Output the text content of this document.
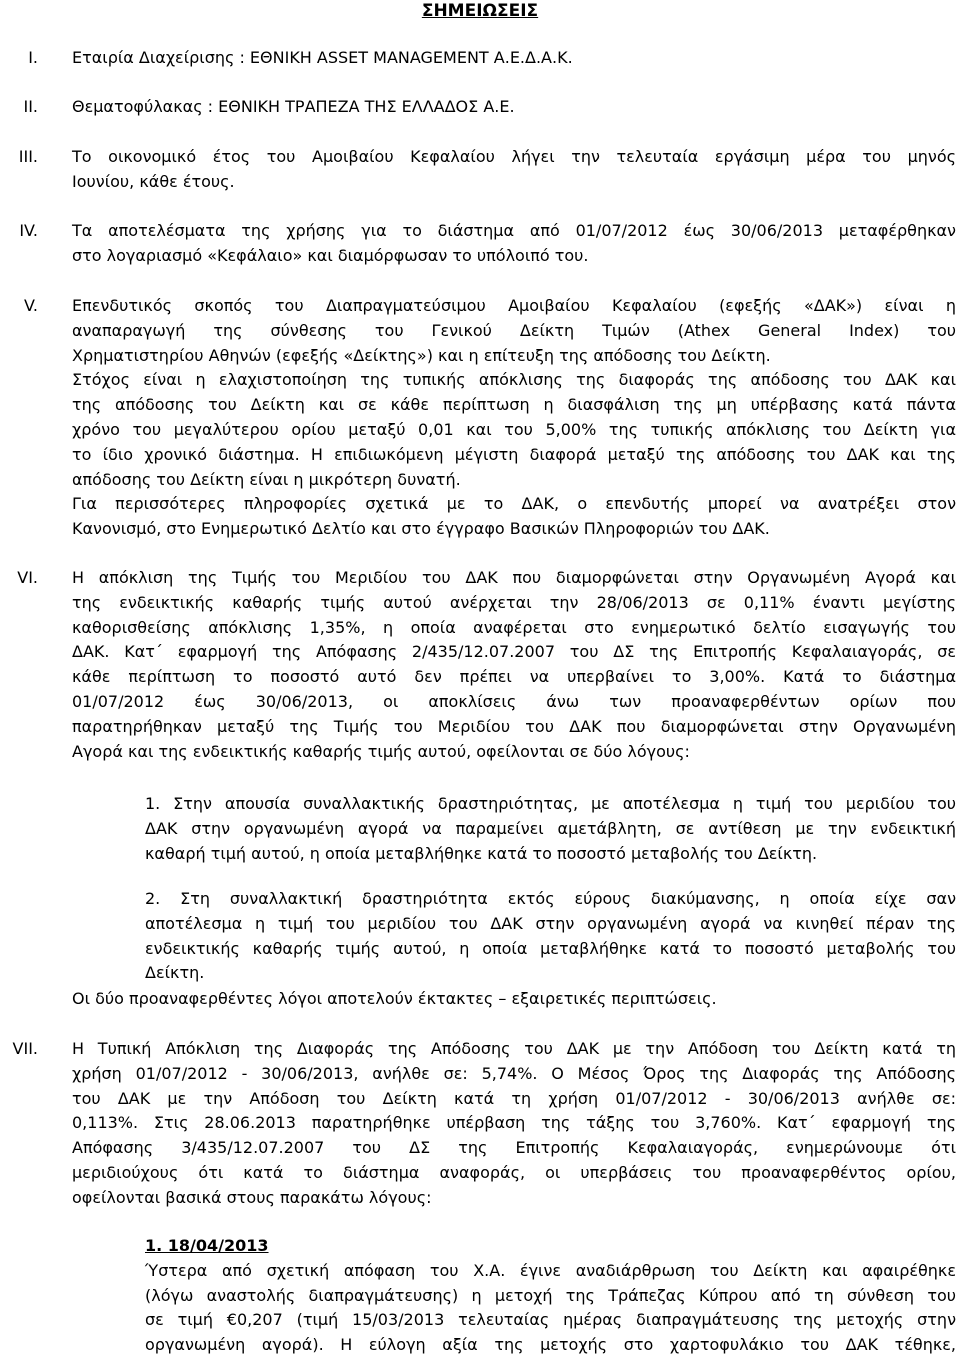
ΣΗΜΕΙΩΣΕΙΣ
I. Εταιρία Διαχείρισης : ΕΘΝΙΚΗ ASSET MANAGEMENT Α.Ε.Δ.Α.Κ.
II. Θεματοφύλακας : ΕΘΝΙΚΗ ΤΡΑΠΕΖΑ ΤΗΣ ΕΛΛΑΔΟΣ Α.Ε.
III. Το οικονομικό έτος του Αμοιβαίου Κεφαλαίου λήγει την τελευταία εργάσιμη μέρα του μηνός
Ιουνίου, κάθε έτους.
IV. Τα αποτελέσματα της χρήσης για το διάστημα από 01/07/2012 έως 30/06/2013 μεταφέρθηκαν
στο λογαριασμό «Κεφάλαιο» και διαμόρφωσαν το υπόλοιπό του.
V. Επενδυτικός σκοπός του Διαπραγματεύσιμου Αμοιβαίου Κεφαλαίου (εφεξής «ΔΑΚ») είναι η
αναπαραγωγή της σύνθεσης του Γενικού Δείκτη Τιμών (Athex General Index) του
Χρηματιστηρίου Αθηνών (εφεξής «Δείκτης») και η επίτευξη της απόδοσης του Δείκτη.
Στόχος είναι η ελαχιστοποίηση της τυπικής απόκλισης της διαφοράς της απόδοσης του ΔΑΚ και
της απόδοσης του Δείκτη και σε κάθε περίπτωση η διασφάλιση της μη υπέρβασης κατά πάντα
χρόνο του μεγαλύτερου ορίου μεταξύ 0,01 και του 5,00% της τυπικής απόκλισης του Δείκτη για
το ίδιο χρονικό διάστημα. Η επιδιωκόμενη μέγιστη διαφορά μεταξύ της απόδοσης του ΔΑΚ και της
απόδοσης του Δείκτη είναι η μικρότερη δυνατή.
Για περισσότερες πληροφορίες σχετικά με το ΔΑΚ, ο επενδυτής μπορεί να ανατρέξει στον
Κανονισμό, στο Ενημερωτικό Δελτίο και στο έγγραφο Βασικών Πληροφοριών του ΔΑΚ.
VI. Η απόκλιση της Τιμής του Μεριδίου του ΔΑΚ που διαμορφώνεται στην Οργανωμένη Αγορά και
της ενδεικτικής καθαρής τιμής αυτού ανέρχεται την 28/06/2013 σε 0,11% έναντι μεγίστης
καθορισθείσης απόκλισης 1,35%, η οποία αναφέρεται στο ενημερωτικό δελτίο εισαγωγής του
ΔΑΚ. Κατ΄ εφαρμογή της Απόφασης 2/435/12.07.2007 του ΔΣ της Επιτροπής Κεφαλαιαγοράς, σε
κάθε περίπτωση το ποσοστό αυτό δεν πρέπει να υπερβαίνει το 3,00%. Κατά το διάστημα
01/07/2012 έως 30/06/2013, οι αποκλίσεις άνω των προαναφερθέντων ορίων που
παρατηρήθηκαν μεταξύ της Τιμής του Μεριδίου του ΔΑΚ που διαμορφώνεται στην Οργανωμένη
Αγορά και της ενδεικτικής καθαρής τιμής αυτού, οφείλονται σε δύο λόγους:
1. Στην απουσία συναλλακτικής δραστηριότητας, με αποτέλεσμα η τιμή του μεριδίου του
ΔΑΚ στην οργανωμένη αγορά να παραμείνει αμετάβλητη, σε αντίθεση με την ενδεικτική
καθαρή τιμή αυτού, η οποία μεταβλήθηκε κατά το ποσοστό μεταβολής του Δείκτη.
2. Στη συναλλακτική δραστηριότητα εκτός εύρους διακύμανσης, η οποία είχε σαν
αποτέλεσμα η τιμή του μεριδίου του ΔΑΚ στην οργανωμένη αγορά να κινηθεί πέραν της
ενδεικτικής καθαρής τιμής αυτού, η οποία μεταβλήθηκε κατά το ποσοστό μεταβολής του
Δείκτη.
Οι δύο προαναφερθέντες λόγοι αποτελούν έκτακτες – εξαιρετικές περιπτώσεις.
VII. Η Τυπική Απόκλιση της Διαφοράς της Απόδοσης του ΔΑΚ με την Απόδοση του Δείκτη κατά τη
χρήση 01/07/2012 - 30/06/2013, ανήλθε σε: 5,74%. Ο Μέσος Όρος της Διαφοράς της Απόδοσης
του ΔΑΚ με την Απόδοση του Δείκτη κατά τη χρήση 01/07/2012 - 30/06/2013 ανήλθε σε:
0,113%. Στις 28.06.2013 παρατηρήθηκε υπέρβαση της τάξης του 3,760%. Κατ΄ εφαρμογή της
Απόφασης 3/435/12.07.2007 του ΔΣ της Επιτροπής Κεφαλαιαγοράς, ενημερώνουμε ότι
μεριδιούχους ότι κατά το διάστημα αναφοράς, οι υπερβάσεις του προαναφερθέντος ορίου,
οφείλονται βασικά στους παρακάτω λόγους:
1. 18/04/2013
Ύστερα από σχετική απόφαση του Χ.Α. έγινε αναδιάρθρωση του Δείκτη και αφαιρέθηκε
(λόγω αναστολής διαπραγμάτευσης) η μετοχή της Τράπεζας Κύπρου από τη σύνθεση του
σε τιμή €0,207 (τιμή 15/03/2013 τελευταίας ημέρας διαπραγμάτευσης της μετοχής στην
οργανωμένη αγορά). Η εύλογη αξία της μετοχής στο χαρτοφυλάκιο του ΔΑΚ τέθηκε,
